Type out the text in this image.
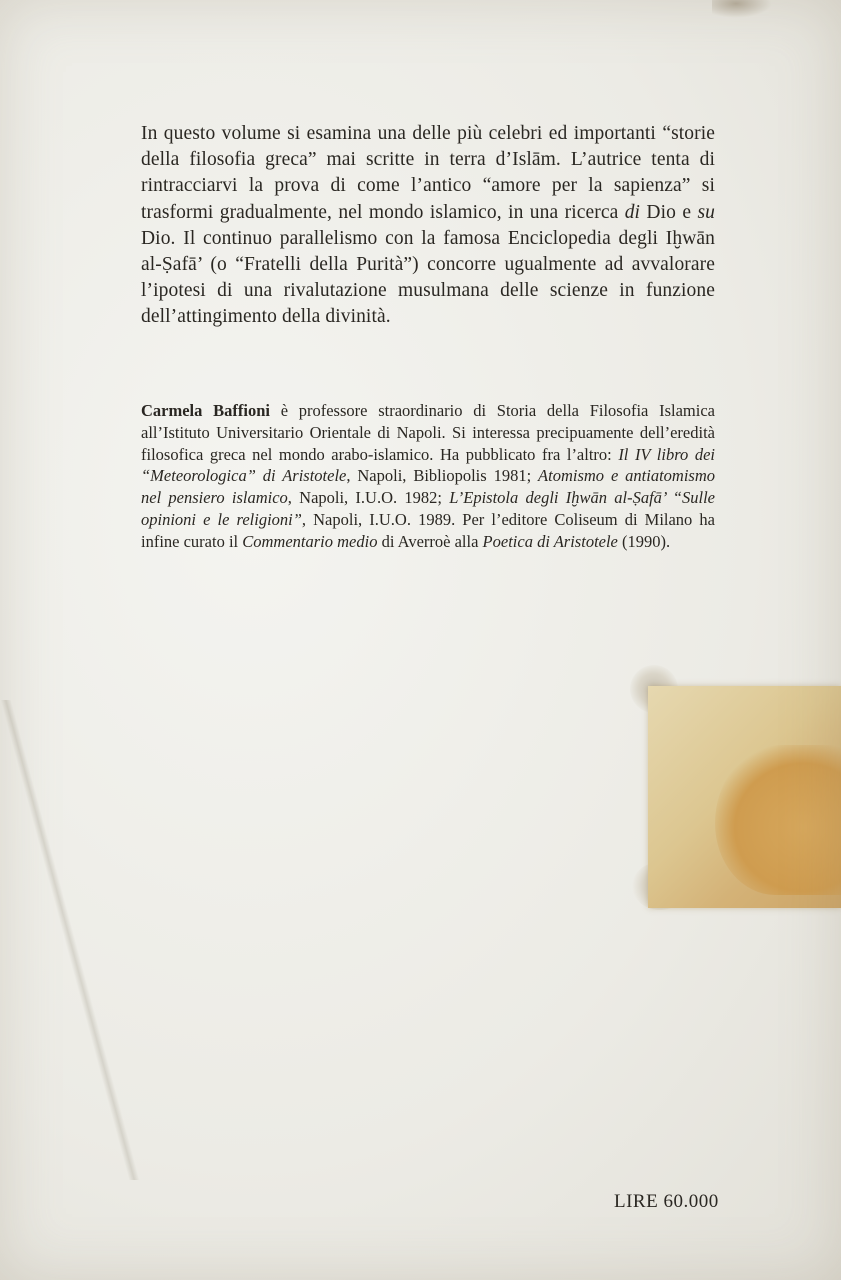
In questo volume si esamina una delle più celebri ed importanti “storie della filosofia greca” mai scritte in terra d’Islām. L’autrice tenta di rintracciarvi la prova di come l’antico “amore per la sapienza” si trasformi gradualmente, nel mondo islamico, in una ricerca di Dio e su Dio. Il continuo parallelismo con la famosa Enciclopedia degli Iḫwān al-Ṣafā’ (o “Fratelli della Purità”) concorre ugualmente ad avvalorare l’ipotesi di una rivalutazione musulmana delle scienze in funzione dell’attingimento della divinità.

Carmela Baffioni è professore straordinario di Storia della Filosofia Islamica all’Istituto Universitario Orientale di Napoli. Si interessa precipuamente dell’eredità filosofica greca nel mondo arabo-islamico. Ha pubblicato fra l’altro: Il IV libro dei “Meteorologica” di Aristotele, Napoli, Bibliopolis 1981; Atomismo e antiatomismo nel pensiero islamico, Napoli, I.U.O. 1982; L’Epistola degli Iḫwān al-Ṣafā’ “Sulle opinioni e le religioni”, Napoli, I.U.O. 1989. Per l’editore Coliseum di Milano ha infine curato il Commentario medio di Averroè alla Poetica di Aristotele (1990).

LIRE 60.000
